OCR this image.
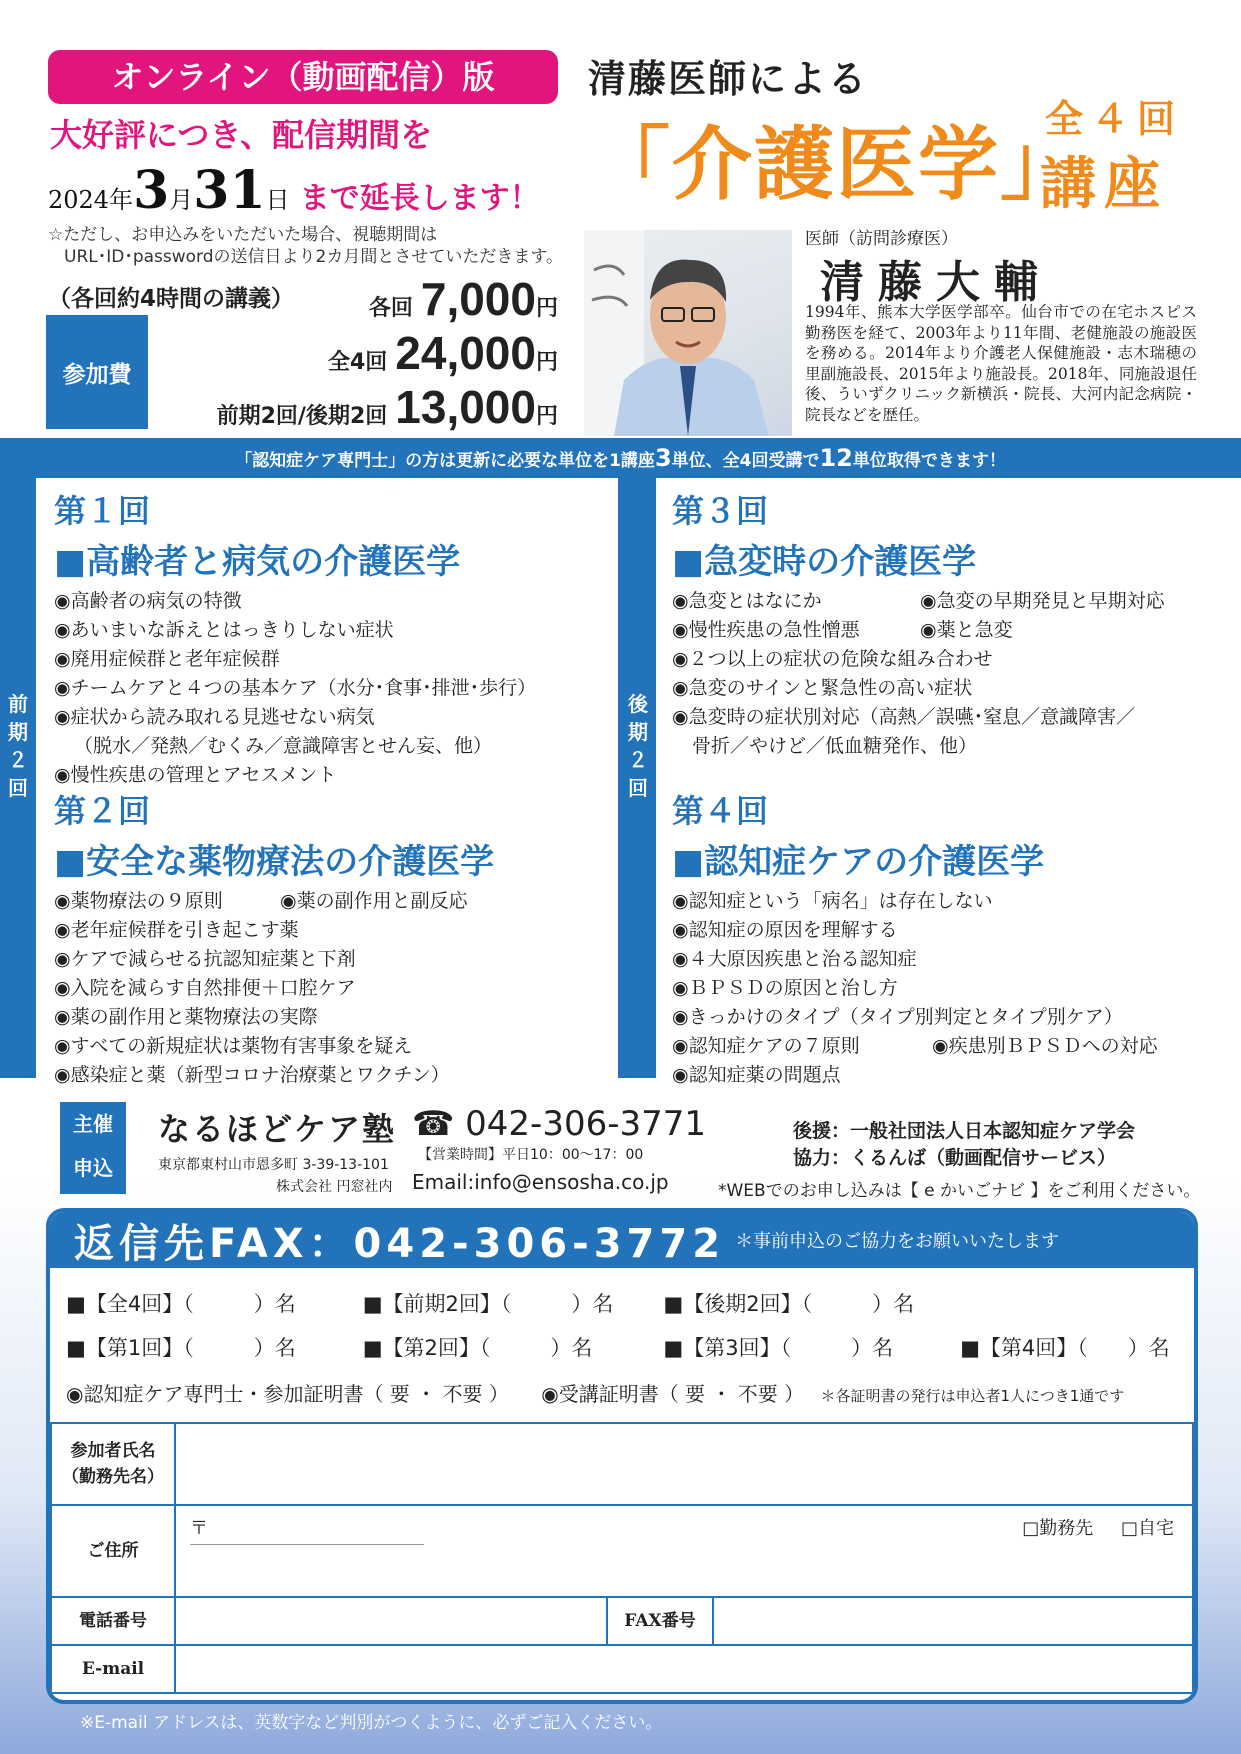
オンライン（動画配信）版
大好評につき、配信期間を
2024年3月31日 まで延長します！
☆ただし、お申込みをいただいた場合、視聴期間は
URL･ID･passwordの送信日より2カ月間とさせていただきます。
（各回約4時間の講義）
参加費
各回 7,000円
全4回 24,000円
前期2回/後期2回 13,000円
清藤医師による
「介護医学」
全４回
講座
医師（訪問診療医）
清藤大輔
1994年、熊本大学医学部卒。仙台市での在宅ホスピス勤務医を経て、2003年より11年間、老健施設の施設医を務める。2014年より介護老人保健施設・志木瑞穂の里副施設長、2015年より施設長。2018年、同施設退任後、ういずクリニック新横浜・院長、大河内記念病院・院長などを歴任。
「認知症ケア専門士」の方は更新に必要な単位を1講座3単位、全4回受講で12単位取得できます！
前期２回
後期２回
第１回
■高齢者と病気の介護医学
◉高齢者の病気の特徴
◉あいまいな訴えとはっきりしない症状
◉廃用症候群と老年症候群
◉チームケアと４つの基本ケア（水分･食事･排泄･歩行）
◉症状から読み取れる見逃せない病気
（脱水／発熱／むくみ／意識障害とせん妄、他）
◉慢性疾患の管理とアセスメント
第２回
■安全な薬物療法の介護医学
◉薬物療法の９原則	◉薬の副作用と副反応
◉老年症候群を引き起こす薬
◉ケアで減らせる抗認知症薬と下剤
◉入院を減らす自然排便＋口腔ケア
◉薬の副作用と薬物療法の実際
◉すべての新規症状は薬物有害事象を疑え
◉感染症と薬（新型コロナ治療薬とワクチン）
第３回
■急変時の介護医学
◉急変とはなにか	◉急変の早期発見と早期対応
◉慢性疾患の急性憎悪	◉薬と急変
◉２つ以上の症状の危険な組み合わせ
◉急変のサインと緊急性の高い症状
◉急変時の症状別対応（高熱／誤嚥･窒息／意識障害／
骨折／やけど／低血糖発作、他）
第４回
■認知症ケアの介護医学
◉認知症という「病名」は存在しない
◉認知症の原因を理解する
◉４大原因疾患と治る認知症
◉ＢＰＳＤの原因と治し方
◉きっかけのタイプ（タイプ別判定とタイプ別ケア）
◉認知症ケアの７原則	◉疾患別ＢＰＳＤへの対応
◉認知症薬の問題点
主催
申込
なるほどケア塾 ☎ 042-306-3771
【営業時間】平日10：00～17：00
東京都東村山市恩多町 3-39-13-101
株式会社 円窓社内 Email:info@ensosha.co.jp
後援：一般社団法人日本認知症ケア学会
協力：くるんば（動画配信サービス）
*WEBでのお申し込みは【 e かいごナビ 】をご利用ください。
返信先FAX：042-306-3772 ＊事前申込のご協力をお願いいたします
■【全4回】（	）名	■【前期2回】（	）名 ■【後期2回】（	）名
■【第1回】（	）名	■【第2回】（	）名	■【第3回】（	）名	■【第4回】（ ）名
◉認知症ケア専門士・参加証明書（ 要 ・ 不要 ） ◉受講証明書（ 要 ・ 不要 ） ＊各証明書の発行は申込者1人につき1通です
参加者氏名
（勤務先名）			

ご住所	〒 □勤務先 □自宅		

電話番号		FAX番号	
E-mail			
※E-mail アドレスは、英数字など判別がつくように、必ずご記入ください。
